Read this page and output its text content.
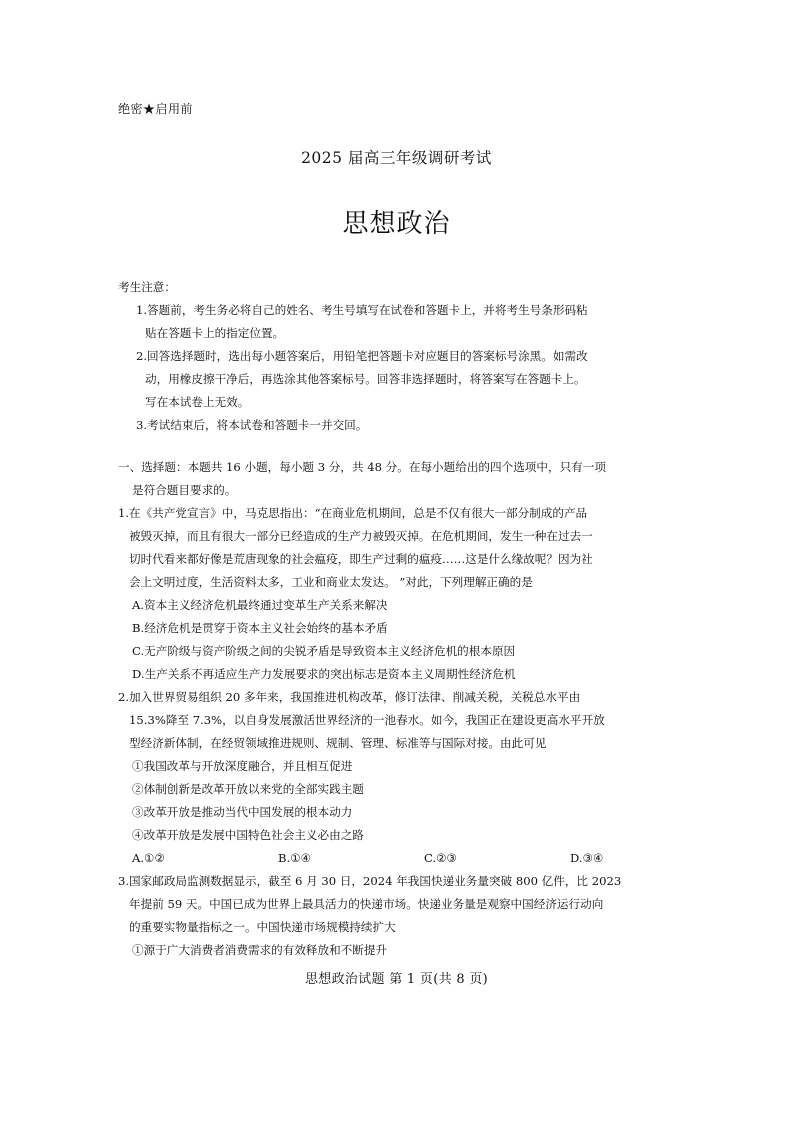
绝密★启用前
2025 届高三年级调研考试
思想政治
考生注意：
1.答题前，考生务必将自己的姓名、考生号填写在试卷和答题卡上，并将考生号条形码粘
贴在答题卡上的指定位置。
2.回答选择题时，选出每小题答案后，用铅笔把答题卡对应题目的答案标号涂黑。如需改
动，用橡皮擦干净后，再选涂其他答案标号。回答非选择题时，将答案写在答题卡上。
写在本试卷上无效。
3.考试结束后，将本试卷和答题卡一并交回。
一、选择题：本题共 16 小题，每小题 3 分，共 48 分。在每小题给出的四个选项中，只有一项
是符合题目要求的。
1.在《共产党宣言》中，马克思指出：“在商业危机期间，总是不仅有很大一部分制成的产品
被毁灭掉，而且有很大一部分已经造成的生产力被毁灭掉。在危机期间，发生一种在过去一
切时代看来都好像是荒唐现象的社会瘟疫，即生产过剩的瘟疫……这是什么缘故呢？因为社
会上文明过度，生活资料太多，工业和商业太发达。 ”对此，下列理解正确的是
A.资本主义经济危机最终通过变革生产关系来解决
B.经济危机是贯穿于资本主义社会始终的基本矛盾
C.无产阶级与资产阶级之间的尖锐矛盾是导致资本主义经济危机的根本原因
D.生产关系不再适应生产力发展要求的突出标志是资本主义周期性经济危机
2.加入世界贸易组织 20 多年来，我国推进机构改革，修订法律、削减关税，关税总水平由
15.3%降至 7.3%，以自身发展激活世界经济的一池春水。如今，我国正在建设更高水平开放
型经济新体制，在经贸领域推进规则、规制、管理、标准等与国际对接。由此可见
①我国改革与开放深度融合，并且相互促进
②体制创新是改革开放以来党的全部实践主题
③改革开放是推动当代中国发展的根本动力
④改革开放是发展中国特色社会主义必由之路
A.①②	B.①④	C.②③	D.③④
3.国家邮政局监测数据显示，截至 6 月 30 日，2024 年我国快递业务量突破 800 亿件，比 2023
年提前 59 天。中国已成为世界上最具活力的快递市场。快递业务量是观察中国经济运行动向
的重要实物量指标之一。中国快递市场规模持续扩大
①源于广大消费者消费需求的有效释放和不断提升
思想政治试题 第 1 页(共 8 页)
